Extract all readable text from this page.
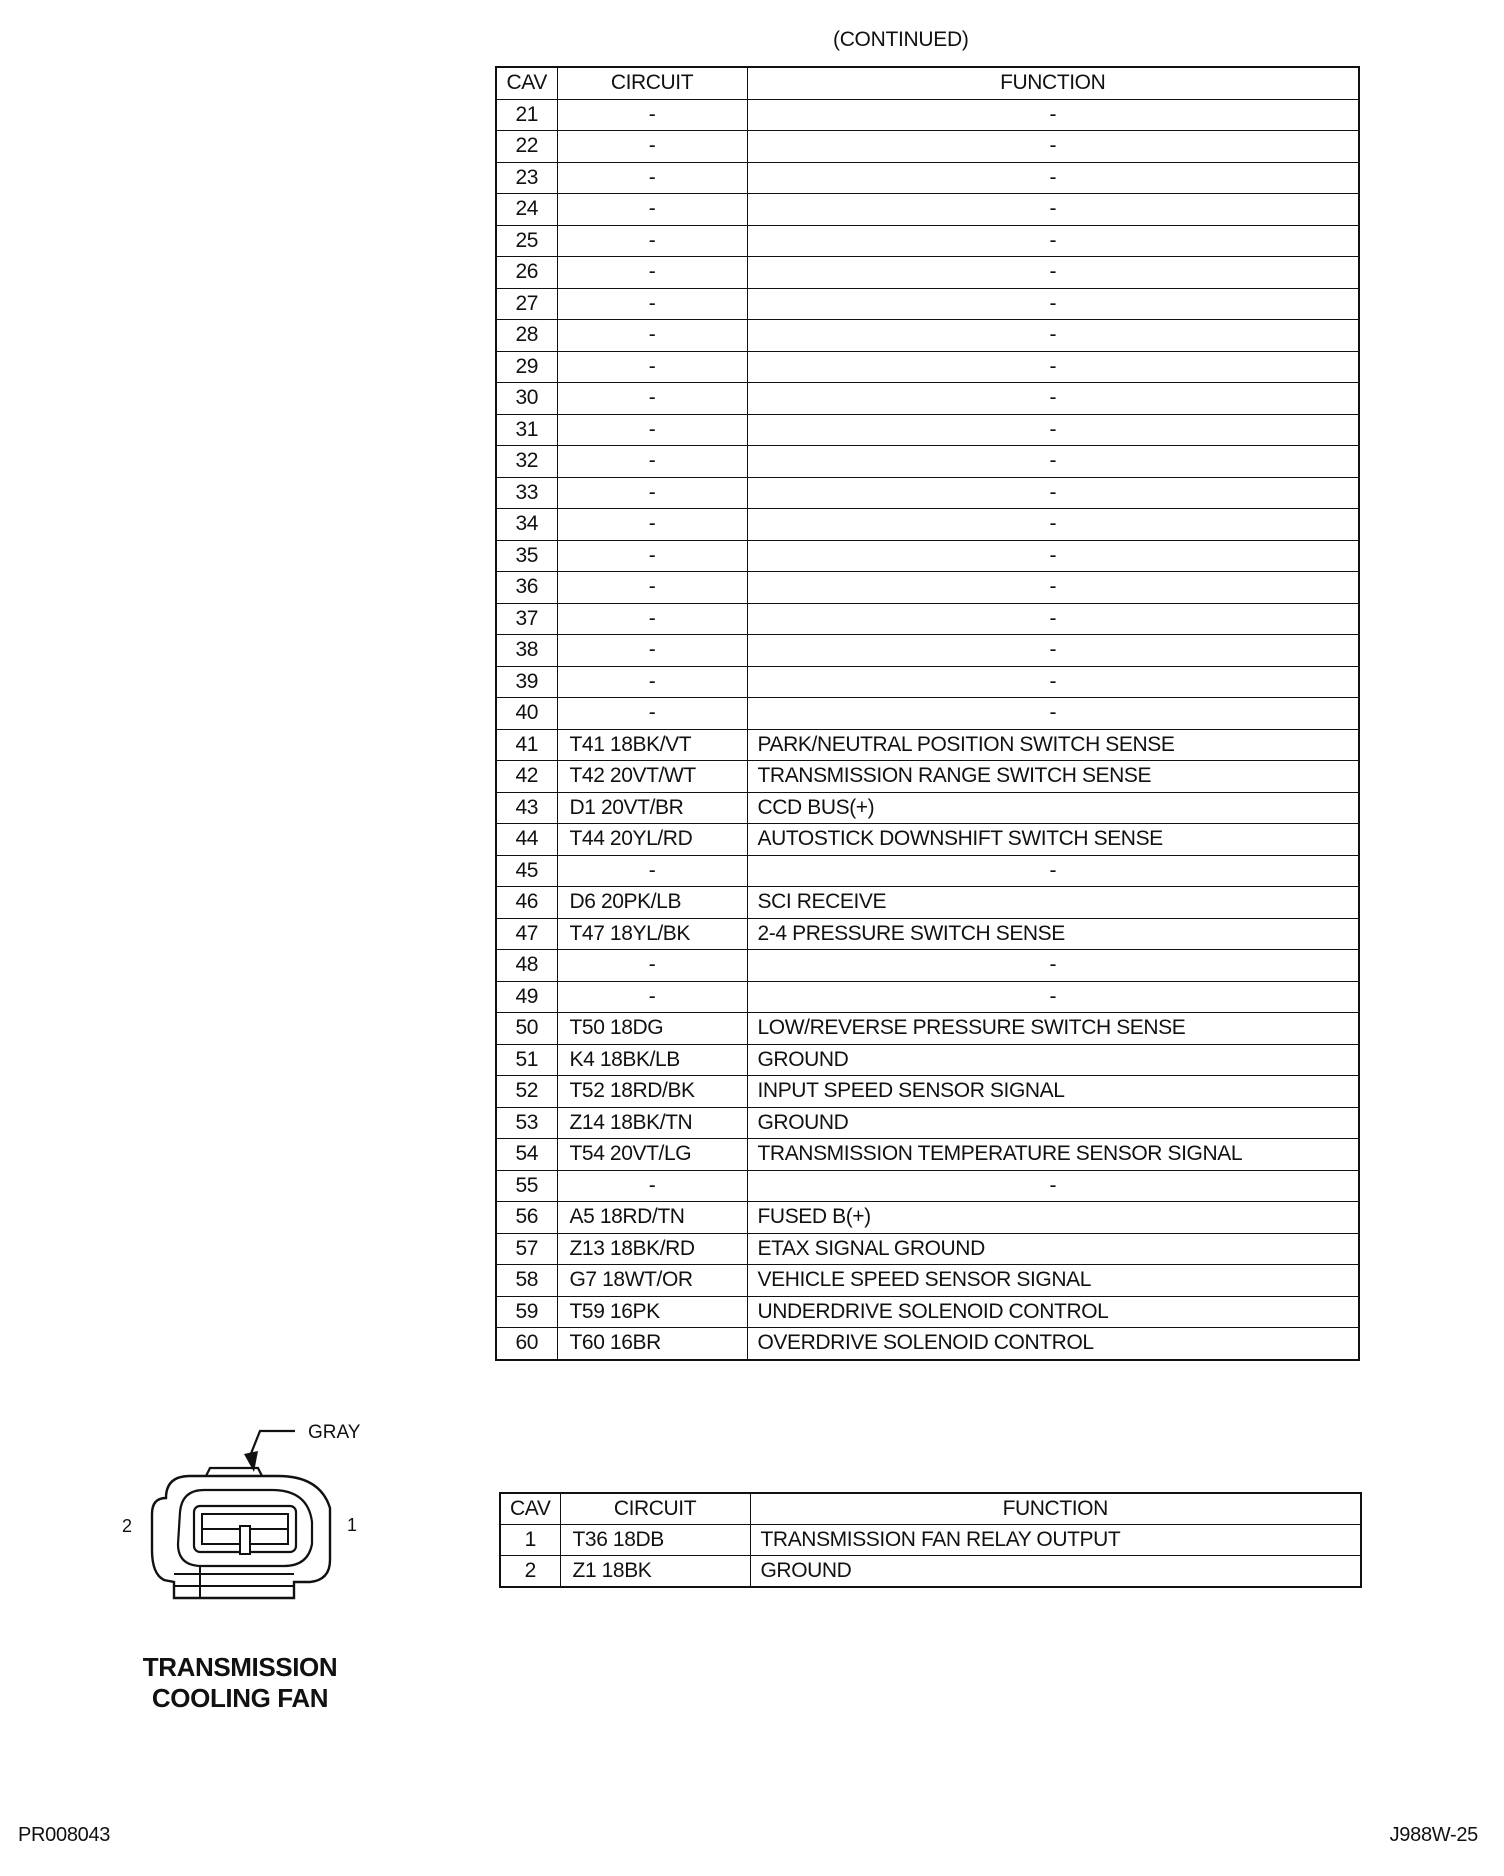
(CONTINUED)
CAV	CIRCUIT	FUNCTION
21	-	-
22	-	-
23	-	-
24	-	-
25	-	-
26	-	-
27	-	-
28	-	-
29	-	-
30	-	-
31	-	-
32	-	-
33	-	-
34	-	-
35	-	-
36	-	-
37	-	-
38	-	-
39	-	-
40	-	-
41	T41 18BK/VT	PARK/NEUTRAL POSITION SWITCH SENSE
42	T42 20VT/WT	TRANSMISSION RANGE SWITCH SENSE
43	D1 20VT/BR	CCD BUS(+)
44	T44 20YL/RD	AUTOSTICK DOWNSHIFT SWITCH SENSE
45	-	-
46	D6 20PK/LB	SCI RECEIVE
47	T47 18YL/BK	2-4 PRESSURE SWITCH SENSE
48	-	-
49	-	-
50	T50 18DG	LOW/REVERSE PRESSURE SWITCH SENSE
51	K4 18BK/LB	GROUND
52	T52 18RD/BK	INPUT SPEED SENSOR SIGNAL
53	Z14 18BK/TN	GROUND
54	T54 20VT/LG	TRANSMISSION TEMPERATURE SENSOR SIGNAL
55	-	-
56	A5 18RD/TN	FUSED B(+)
57	Z13 18BK/RD	ETAX SIGNAL GROUND
58	G7 18WT/OR	VEHICLE SPEED SENSOR SIGNAL
59	T59 16PK	UNDERDRIVE SOLENOID CONTROL
60	T60 16BR	OVERDRIVE SOLENOID CONTROL
GRAY
2	1
TRANSMISSION
COOLING FAN
CAV	CIRCUIT	FUNCTION
1	T36 18DB	TRANSMISSION FAN RELAY OUTPUT
2	Z1 18BK	GROUND
PR008043	J988W-25
